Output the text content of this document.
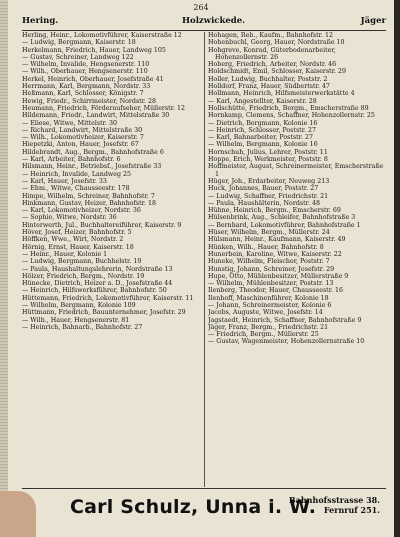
264
Hering.	Holzwickede.	Jäger
Herling, Heinr., Lokomotivführer, Kaiserstraße 12
— Ludwig, Bergmann, Kaiserstr. 18
Herkelmann, Friedrich, Hauer, Landweg 105
— Gustav, Schreiner, Landweg 122
— Wilhelm, Invalide, Hengsenerstr. 110
— Wilh., Oberhauer, Hengsenerstr. 110
Herkel, Heinrich, Oberhauer, Josefstraße 41
Herrmann, Karl, Bergmann, Nordstr. 33
Heßmann, Karl, Schlosser, Königstr. 7
Hewig, Friedr., Schirrmeister, Nordstr. 28
Heumann, Friedrich, Förderaufseher, Müllerstr. 12
Hildemann, Friedr., Landwirt, Mittelstraße 30
— Eliese, Witwe, Mittelstr. 30
— Richard, Landwirt, Mittelstraße 30
— Wilh., Lokomotivheizer, Kaiserstr. 7
Hiepetzki, Anton, Hauer, Josefstr. 67
Hildebrandt, Aug., Bergm., Bahnhofstraße 6
— Karl, Arbeiter, Bahnhofstr. 6
Hilsmann, Heinr., Betriebsf., Josefstraße 33
— Heinrich, Invalide, Landweg 25
— Karl, Hauer, Josefstr. 33
— Ehm., Witwe, Chausseestr. 178
Himpe, Wilhelm, Schreiner, Bahnhofstr. 7
Hinkmann, Gustav, Heizer, Bahnhofstr. 18
— Karl, Lokomotivheizer, Nordstr. 36
— Sophie, Witwe, Nordstr. 36
Hinterwerth, Jul., Buchhaltereiführer, Kaiserstr. 9
Höver, Josef, Heizer, Bahnhofstr. 5
Höffken, Wwe., Wirt, Nordstr. 2
Hörnig, Ernst, Hauer, Kaiserstr. 18
— Heinr., Hauer, Kolonie 1
— Ludwig, Bergmann, Buchhelstr. 19
— Paula, Haushaltungslehrerin, Nordstraße 13
Hölzer, Friedrich, Bergm., Nordstr. 19
Hünecke, Dietrich, Heizer a. D., Josefstraße 44
— Heinrich, Hilfswerksführer, Bahnhofstr. 50
Hüttemann, Friedrich, Lokomotivführer, Kaiserstr. 11
— Wilhelm, Bergmann, Kolonie 109
Hüttmann, Friedrich, Bauunternehmer, Josefstr. 29
— Wilh., Hauer, Hengsenerstr. 81
— Heinrich, Bahnarb., Bahnhofstr. 27
Hohagen, Reb., Kaufm., Bahnhofstr. 12
Hohenbuchl, Georg, Hauer, Nordstraße 10
Hohgreve, Konrad, Güterbodenarbeiter, Hohenzollernstr. 26
Hoberg, Friedrich, Arbeiter, Nordstr. 46
Holdschmidt, Emil, Schlosser, Kaiserstr. 29
Holler, Ludwig, Buchhalter, Poststr. 2
Holldorf, Franz, Hauer, Südbertstr. 47
Hollmann, Heinrich, Hilfsmeisterwerkstätte 4
— Karl, Angestellter, Kaiserstr. 28
Hollschütte, Friedrich, Bergm., Emscherstraße 89
Hornkamp, Clemens, Schaffner, Hohenzollernstr. 25
— Dietrich, Bergmann, Kolonie 16
— Heinrich, Schlosser, Poststr. 27
— Karl, Bahnarbeiter, Poststr. 27
— Wilhelm, Bergmann, Kolonie 16
Hornschuh, Julius, Lehrer, Poststr. 11
Hoppe, Erich, Werkmeister, Poststr. 8
Hoffmeister, August, Schreinermeister, Emscherstraße 1
Hüger, Joh., Erdarbeiter, Neuweg 213
Huck, Johannes, Bauer, Poststr. 27
— Ludwig, Schaffner, Friedrichstr. 21
— Paula, Haushälterin, Nordstr. 48
Hühne, Heinrich, Bergm., Emscherstr. 69
Hülsenbrink, Aug., Schleifer, Bahnhofstraße 3
— Bernhard, Lokomotivführer, Bahnhofstraße 1
Hüser, Wilhelm, Bergm., Müllerstr. 24
Hülsmann, Heinr., Kaufmann, Kaiserstr. 49
Hünken, Wilh., Hauer, Bahnhofstr. 8
Hunerbein, Karoline, Witwe, Kaiserstr. 22
Huneke, Wilhelm, Fleischer, Poststr. 7
Hunstig, Johann, Schreiner, Josefstr. 29
Hupe, Otto, Mühlenbesitzer, Müllerstraße 9
— Wilhelm, Mühlenbesitzer, Poststr. 13
Ilenberg, Theodor, Hauer, Chausseestr. 16
Ilenhoff, Maschinenführer, Kolonie 18
— Johann, Schreinermeister, Kolonie 6
Jacobs, Auguste, Witwe, Josefstr. 14
Jagstaedt, Heinrich, Schaffner, Bahnhofstraße 9
Jäger, Franz, Bergm., Friedrichstr. 21
— Friedrich, Bergm., Müllerstr. 25
— Gustav, Wagenmeister, Hohenzollernstraße 10
Carl Schulz, Unna i. W.
Bahnhofsstrasse 38.
Fernruf 251.
